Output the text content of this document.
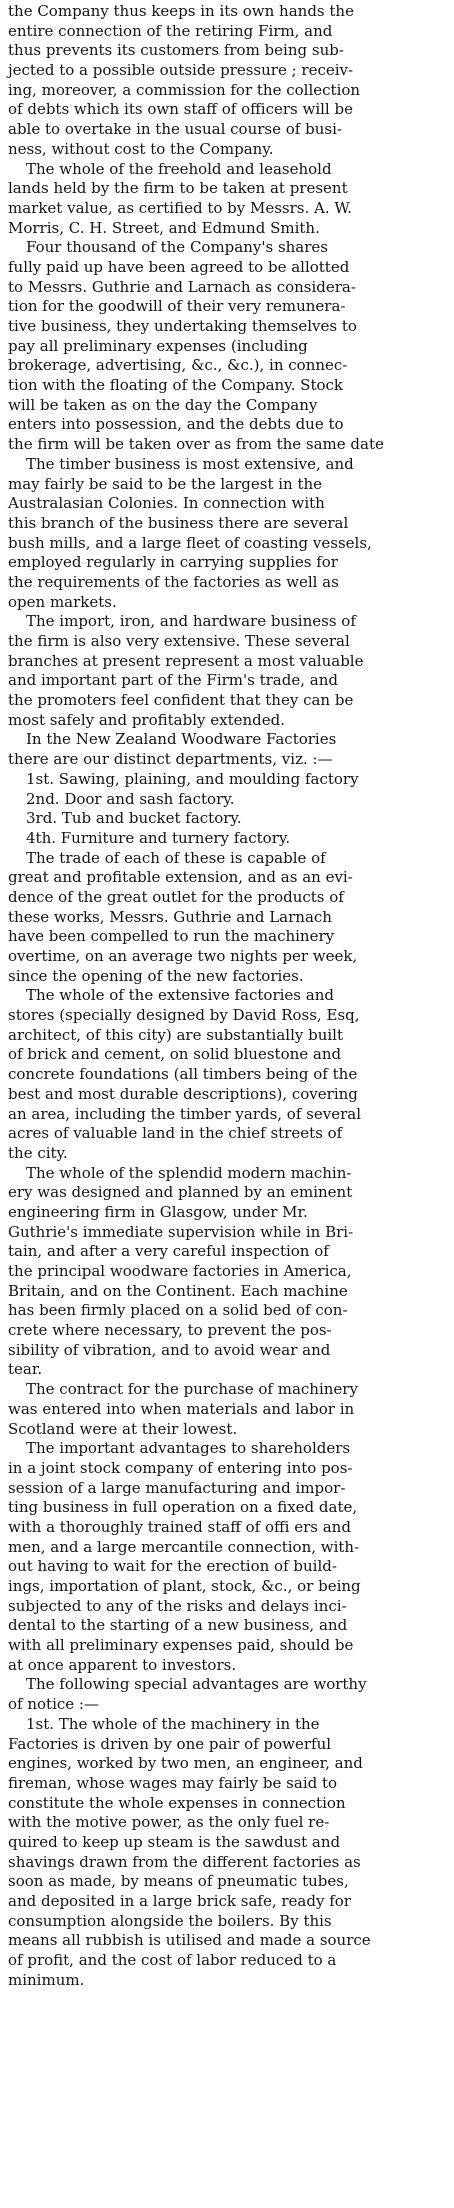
the Company thus keeps in its own hands the
entire connection of the retiring Firm, and
thus prevents its customers from being sub-
jected to a possible outside pressure ; receiv-
ing, moreover, a commission for the collection
of debts which its own staff of officers will be
able to overtake in the usual course of busi-
ness, without cost to the Company.
The whole of the freehold and leasehold
lands held by the firm to be taken at present
market value, as certified to by Messrs. A. W.
Morris, C. H. Street, and Edmund Smith.
Four thousand of the Company's shares
fully paid up have been agreed to be allotted
to Messrs. Guthrie and Larnach as considera-
tion for the goodwill of their very remunera-
tive business, they undertaking themselves to
pay all preliminary expenses (including
brokerage, advertising, &c., &c.), in connec-
tion with the floating of the Company. Stock
will be taken as on the day the Company
enters into possession, and the debts due to
the firm will be taken over as from the same date
The timber business is most extensive, and
may fairly be said to be the largest in the
Australasian Colonies. In connection with
this branch of the business there are several
bush mills, and a large fleet of coasting vessels,
employed regularly in carrying supplies for
the requirements of the factories as well as
open markets.
The import, iron, and hardware business of
the firm is also very extensive. These several
branches at present represent a most valuable
and important part of the Firm's trade, and
the promoters feel confident that they can be
most safely and profitably extended.
In the New Zealand Woodware Factories
there are our distinct departments, viz. :—
1st. Sawing, plaining, and moulding factory
2nd. Door and sash factory.
3rd. Tub and bucket factory.
4th. Furniture and turnery factory.
The trade of each of these is capable of
great and profitable extension, and as an evi-
dence of the great outlet for the products of
these works, Messrs. Guthrie and Larnach
have been compelled to run the machinery
overtime, on an average two nights per week,
since the opening of the new factories.
The whole of the extensive factories and
stores (specially designed by David Ross, Esq,
architect, of this city) are substantially built
of brick and cement, on solid bluestone and
concrete foundations (all timbers being of the
best and most durable descriptions), covering
an area, including the timber yards, of several
acres of valuable land in the chief streets of
the city.
The whole of the splendid modern machin-
ery was designed and planned by an eminent
engineering firm in Glasgow, under Mr.
Guthrie's immediate supervision while in Bri-
tain, and after a very careful inspection of
the principal woodware factories in America,
Britain, and on the Continent. Each machine
has been firmly placed on a solid bed of con-
crete where necessary, to prevent the pos-
sibility of vibration, and to avoid wear and
tear.
The contract for the purchase of machinery
was entered into when materials and labor in
Scotland were at their lowest.
The important advantages to shareholders
in a joint stock company of entering into pos-
session of a large manufacturing and impor-
ting business in full operation on a fixed date,
with a thoroughly trained staff of offi ers and
men, and a large mercantile connection, with-
out having to wait for the erection of build-
ings, importation of plant, stock, &c., or being
subjected to any of the risks and delays inci-
dental to the starting of a new business, and
with all preliminary expenses paid, should be
at once apparent to investors.
The following special advantages are worthy
of notice :—
1st. The whole of the machinery in the
Factories is driven by one pair of powerful
engines, worked by two men, an engineer, and
fireman, whose wages may fairly be said to
constitute the whole expenses in connection
with the motive power, as the only fuel re-
quired to keep up steam is the sawdust and
shavings drawn from the different factories as
soon as made, by means of pneumatic tubes,
and deposited in a large brick safe, ready for
consumption alongside the boilers. By this
means all rubbish is utilised and made a source
of profit, and the cost of labor reduced to a
minimum.
